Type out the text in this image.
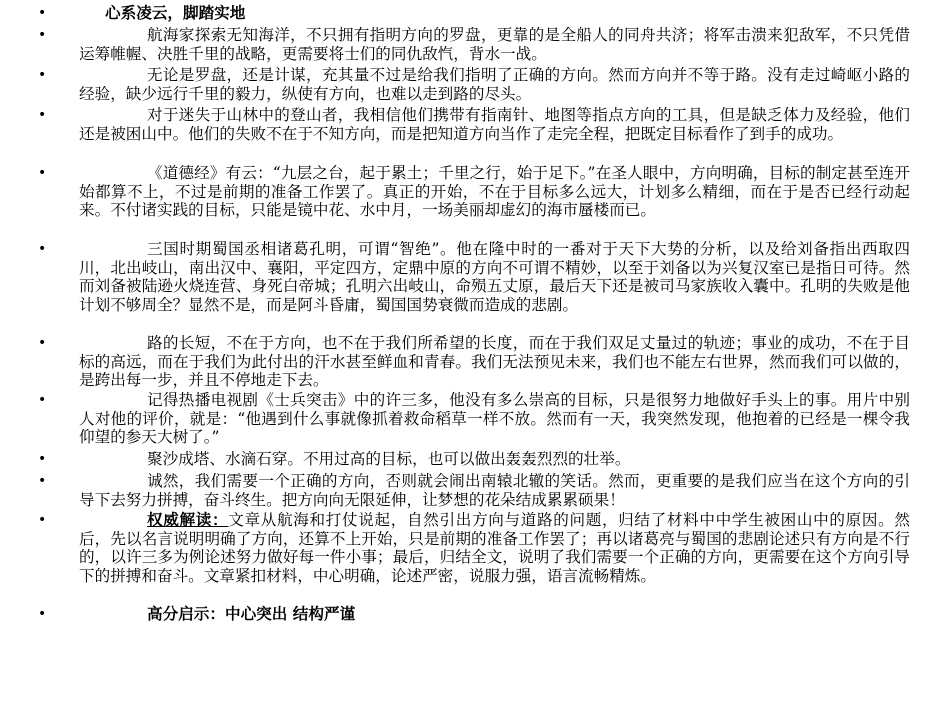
•	心系凌云，脚踏实地
•	航海家探索无知海洋，不只拥有指明方向的罗盘，更靠的是全船人的同舟共济；将军击溃来犯敌军，不只凭借运筹帷幄、决胜千里的战略，更需要将士们的同仇敌忾，背水一战。
•	无论是罗盘，还是计谋，充其量不过是给我们指明了正确的方向。然而方向并不等于路。没有走过崎岖小路的经验，缺少远行千里的毅力，纵使有方向，也难以走到路的尽头。
•	对于迷失于山林中的登山者，我相信他们携带有指南针、地图等指点方向的工具，但是缺乏体力及经验，他们还是被困山中。他们的失败不在于不知方向，而是把知道方向当作了走完全程，把既定目标看作了到手的成功。
•	《道德经》有云：“九层之台，起于累土；千里之行，始于足下。”在圣人眼中，方向明确，目标的制定甚至连开始都算不上，不过是前期的准备工作罢了。真正的开始，不在于目标多么远大，计划多么精细，而在于是否已经行动起来。不付诸实践的目标，只能是镜中花、水中月，一场美丽却虚幻的海市蜃楼而已。
•	三国时期蜀国丞相诸葛孔明，可谓“智绝”。他在隆中时的一番对于天下大势的分析，以及给刘备指出西取四川，北出岐山，南出汉中、襄阳，平定四方，定鼎中原的方向不可谓不精妙，以至于刘备以为兴复汉室已是指日可待。然而刘备被陆逊火烧连营、身死白帝城；孔明六出岐山，命殒五丈原，最后天下还是被司马家族收入囊中。孔明的失败是他计划不够周全？显然不是，而是阿斗昏庸，蜀国国势衰微而造成的悲剧。
•	路的长短，不在于方向，也不在于我们所希望的长度，而在于我们双足丈量过的轨迹；事业的成功，不在于目标的高远，而在于我们为此付出的汗水甚至鲜血和青春。我们无法预见未来，我们也不能左右世界，然而我们可以做的，是跨出每一步，并且不停地走下去。
•	记得热播电视剧《士兵突击》中的许三多，他没有多么崇高的目标，只是很努力地做好手头上的事。用片中别人对他的评价，就是：“他遇到什么事就像抓着救命稻草一样不放。然而有一天，我突然发现，他抱着的已经是一棵令我仰望的参天大树了。”
•	聚沙成塔、水滴石穿。不用过高的目标，也可以做出轰轰烈烈的壮举。
•	诚然，我们需要一个正确的方向，否则就会闹出南辕北辙的笑话。然而，更重要的是我们应当在这个方向的引导下去努力拼搏，奋斗终生。把方向向无限延伸，让梦想的花朵结成累累硕果！
•	权威解读：文章从航海和打仗说起，自然引出方向与道路的问题，归结了材料中中学生被困山中的原因。然后，先以名言说明明确了方向，还算不上开始，只是前期的准备工作罢了；再以诸葛亮与蜀国的悲剧论述只有方向是不行的，以许三多为例论述努力做好每一件小事；最后，归结全文，说明了我们需要一个正确的方向，更需要在这个方向引导下的拼搏和奋斗。文章紧扣材料，中心明确，论述严密，说服力强，语言流畅精炼。
•	高分启示：中心突出 结构严谨
